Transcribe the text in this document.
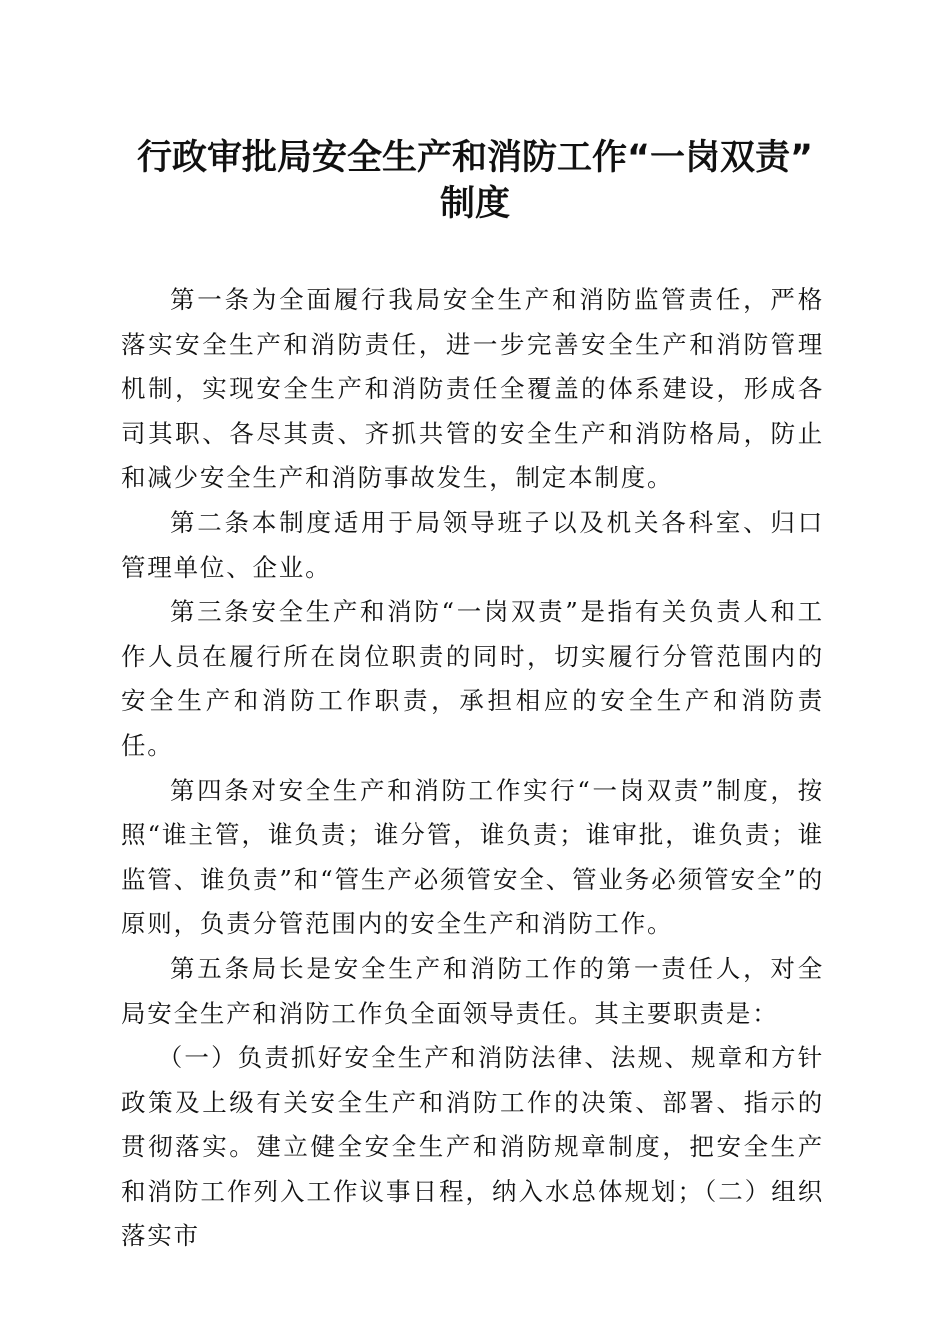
行政审批局安全生产和消防工作“一岗双责”
制度

第一条为全面履行我局安全生产和消防监管责任，严格落实安全生产和消防责任，进一步完善安全生产和消防管理机制，实现安全生产和消防责任全覆盖的体系建设，形成各司其职、各尽其责、齐抓共管的安全生产和消防格局，防止和减少安全生产和消防事故发生，制定本制度。

第二条本制度适用于局领导班子以及机关各科室、归口管理单位、企业。

第三条安全生产和消防“一岗双责”是指有关负责人和工作人员在履行所在岗位职责的同时，切实履行分管范围内的安全生产和消防工作职责，承担相应的安全生产和消防责任。

第四条对安全生产和消防工作实行“一岗双责”制度，按照“谁主管，谁负责；谁分管，谁负责；谁审批，谁负责；谁监管、谁负责”和“管生产必须管安全、管业务必须管安全”的原则，负责分管范围内的安全生产和消防工作。

第五条局长是安全生产和消防工作的第一责任人，对全局安全生产和消防工作负全面领导责任。其主要职责是：

（一）负责抓好安全生产和消防法律、法规、规章和方针政策及上级有关安全生产和消防工作的决策、部署、指示的贯彻落实。建立健全安全生产和消防规章制度，把安全生产和消防工作列入工作议事日程，纳入水总体规划；（二）组织落实市
